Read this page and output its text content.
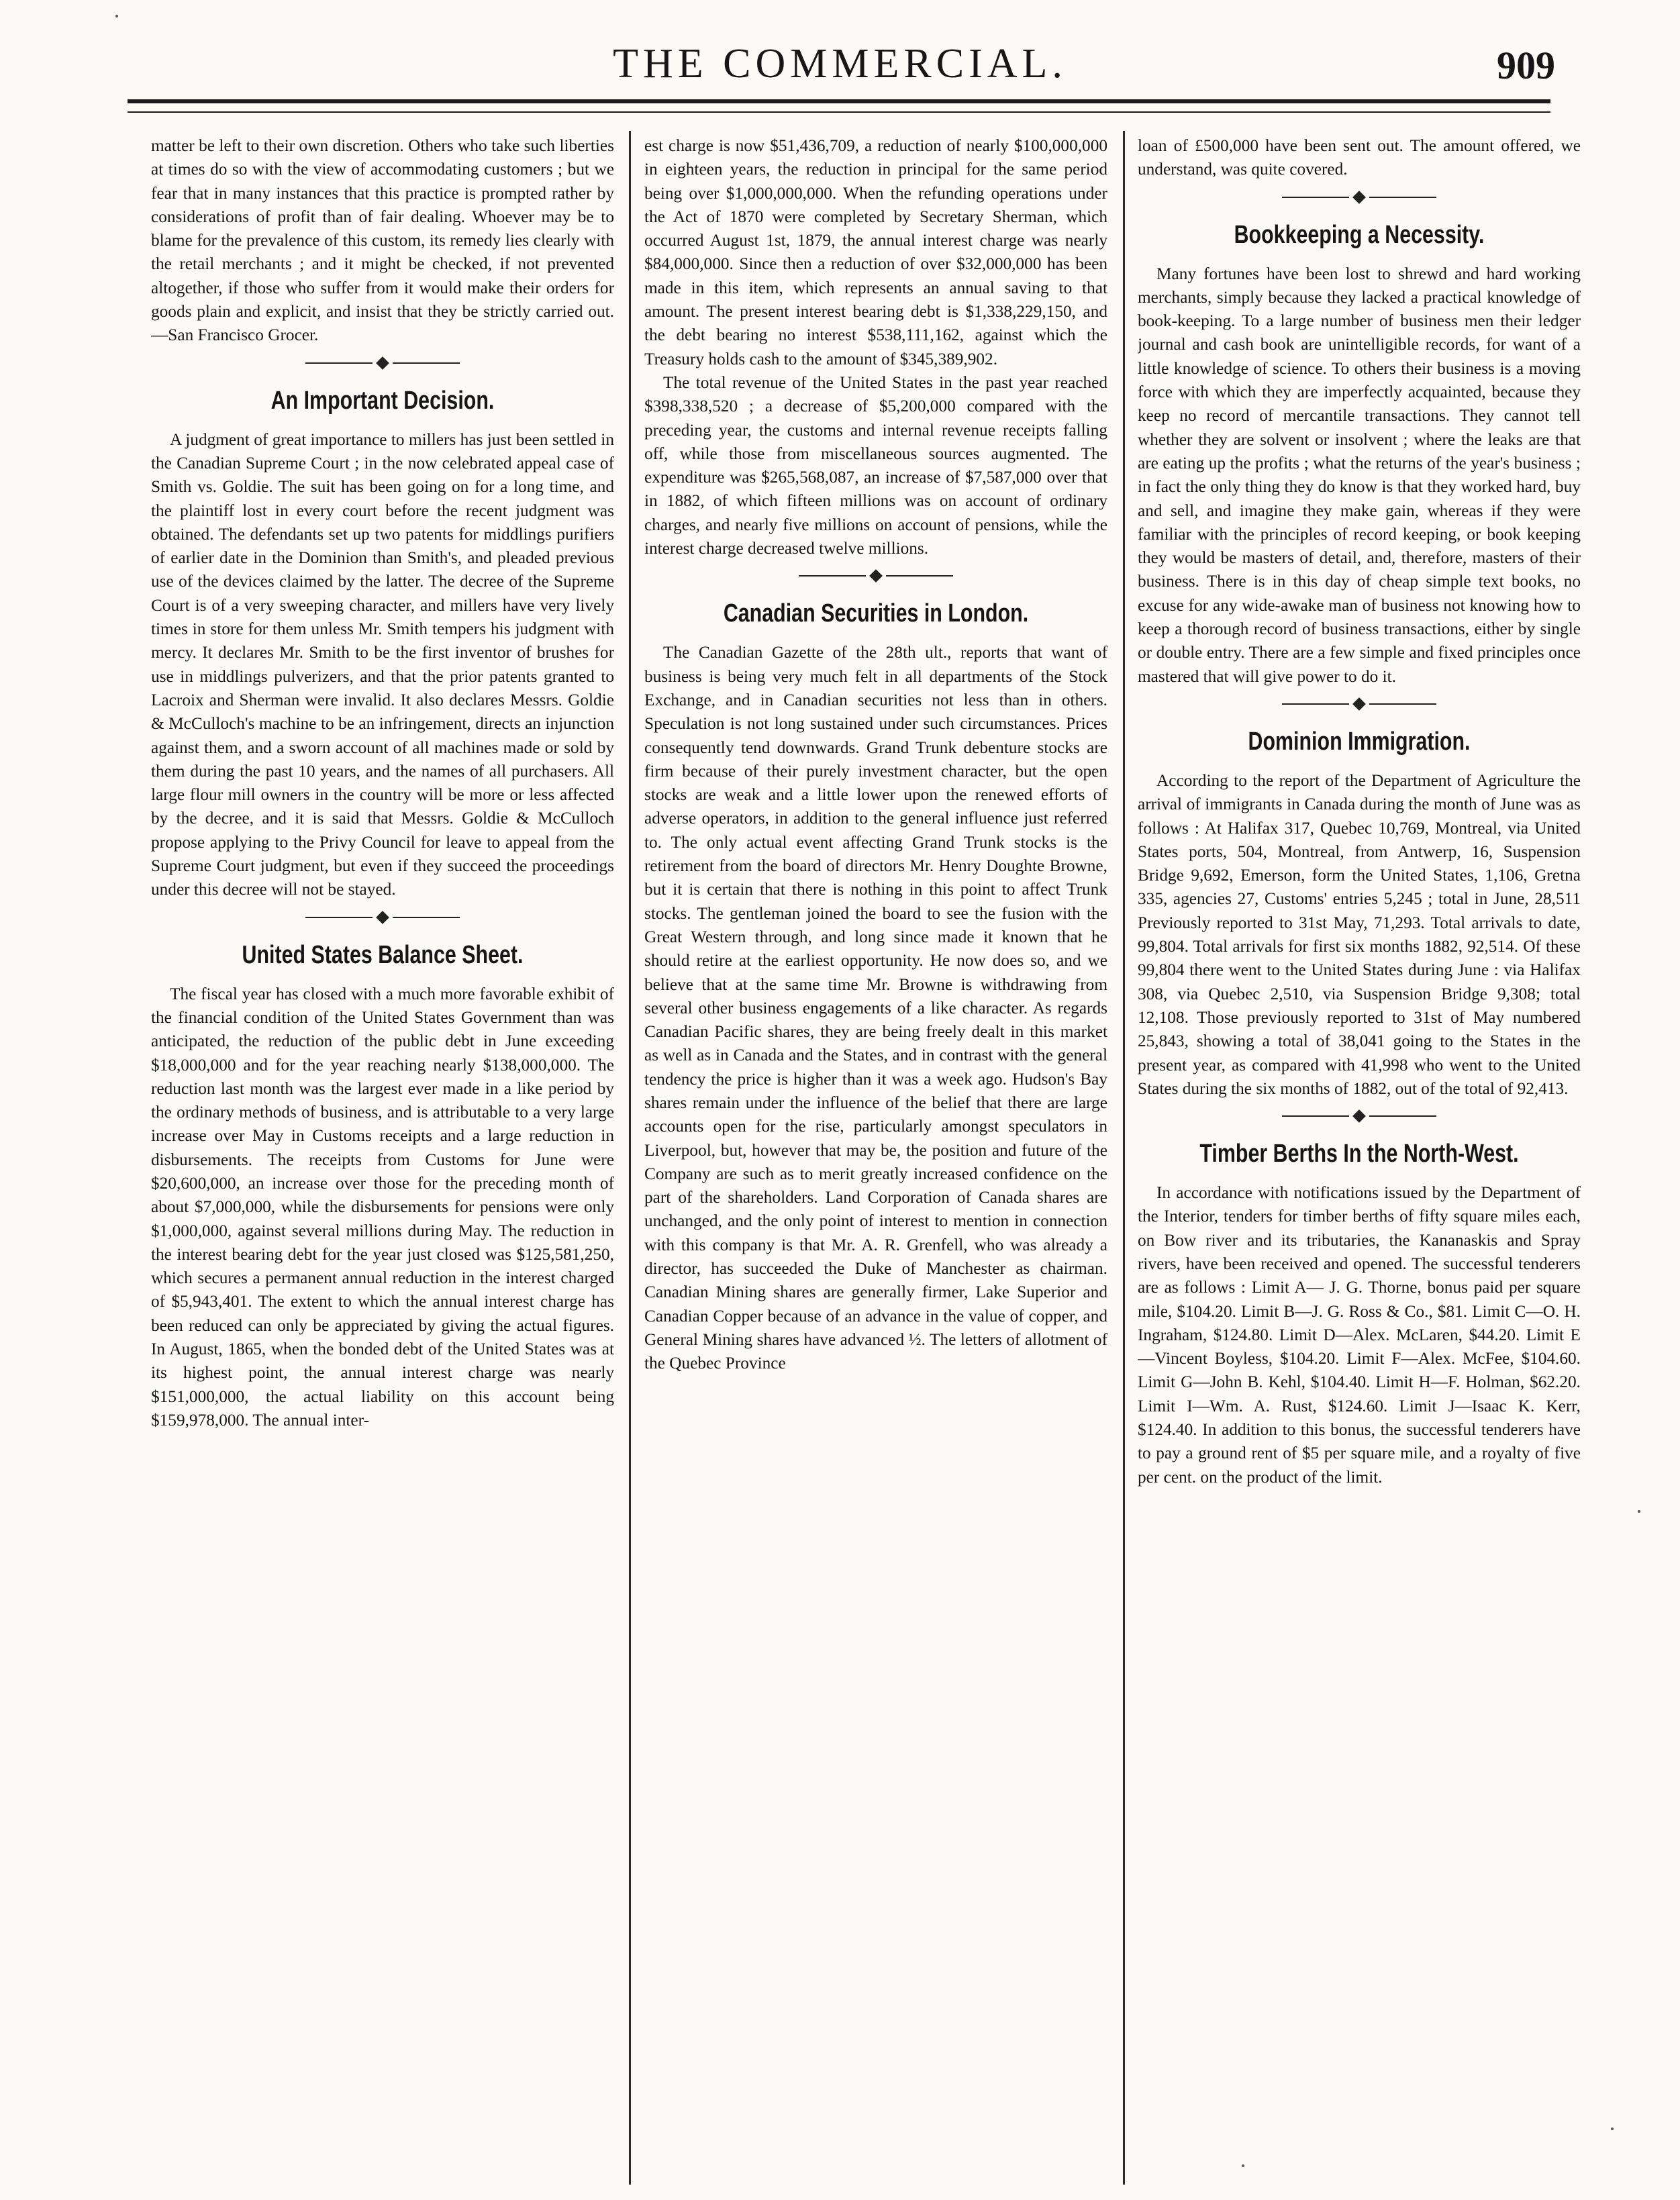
THE COMMERCIAL.	909

matter be left to their own discretion. Others who take such liberties at times do so with the view of accommodating customers ; but we fear that in many instances that this practice is prompted rather by considerations of profit than of fair dealing. Whoever may be to blame for the prevalence of this custom, its remedy lies clearly with the retail merchants ; and it might be checked, if not prevented altogether, if those who suffer from it would make their orders for goods plain and explicit, and insist that they be strictly carried out.—San Francisco Grocer.

An Important Decision.

A judgment of great importance to millers has just been settled in the Canadian Supreme Court ; in the now celebrated appeal case of Smith vs. Goldie. The suit has been going on for a long time, and the plaintiff lost in every court before the recent judgment was obtained. The defendants set up two patents for middlings purifiers of earlier date in the Dominion than Smith's, and pleaded previous use of the devices claimed by the latter. The decree of the Supreme Court is of a very sweeping character, and millers have very lively times in store for them unless Mr. Smith tempers his judgment with mercy. It declares Mr. Smith to be the first inventor of brushes for use in middlings pulverizers, and that the prior patents granted to Lacroix and Sherman were invalid. It also declares Messrs. Goldie & McCulloch's machine to be an infringement, directs an injunction against them, and a sworn account of all machines made or sold by them during the past 10 years, and the names of all purchasers. All large flour mill owners in the country will be more or less affected by the decree, and it is said that Messrs. Goldie & McCulloch propose applying to the Privy Council for leave to appeal from the Supreme Court judgment, but even if they succeed the proceedings under this decree will not be stayed.

United States Balance Sheet.

The fiscal year has closed with a much more favorable exhibit of the financial condition of the United States Government than was anticipated, the reduction of the public debt in June exceeding $18,000,000 and for the year reaching nearly $138,000,000. The reduction last month was the largest ever made in a like period by the ordinary methods of business, and is attributable to a very large increase over May in Customs receipts and a large reduction in disbursements. The receipts from Customs for June were $20,600,000, an increase over those for the preceding month of about $7,000,000, while the disbursements for pensions were only $1,000,000, against several millions during May. The reduction in the interest bearing debt for the year just closed was $125,581,250, which secures a permanent annual reduction in the interest charged of $5,943,401. The extent to which the annual interest charge has been reduced can only be appreciated by giving the actual figures. In August, 1865, when the bonded debt of the United States was at its highest point, the annual interest charge was nearly $151,000,000, the actual liability on this account being $159,978,000. The annual inter-

est charge is now $51,436,709, a reduction of nearly $100,000,000 in eighteen years, the reduction in principal for the same period being over $1,000,000,000. When the refunding operations under the Act of 1870 were completed by Secretary Sherman, which occurred August 1st, 1879, the annual interest charge was nearly $84,000,000. Since then a reduction of over $32,000,000 has been made in this item, which represents an annual saving to that amount. The present interest bearing debt is $1,338,229,150, and the debt bearing no interest $538,111,162, against which the Treasury holds cash to the amount of $345,389,902.

The total revenue of the United States in the past year reached $398,338,520 ; a decrease of $5,200,000 compared with the preceding year, the customs and internal revenue receipts falling off, while those from miscellaneous sources augmented. The expenditure was $265,568,087, an increase of $7,587,000 over that in 1882, of which fifteen millions was on account of ordinary charges, and nearly five millions on account of pensions, while the interest charge decreased twelve millions.

Canadian Securities in London.

The Canadian Gazette of the 28th ult., reports that want of business is being very much felt in all departments of the Stock Exchange, and in Canadian securities not less than in others. Speculation is not long sustained under such circumstances. Prices consequently tend downwards. Grand Trunk debenture stocks are firm because of their purely investment character, but the open stocks are weak and a little lower upon the renewed efforts of adverse operators, in addition to the general influence just referred to. The only actual event affecting Grand Trunk stocks is the retirement from the board of directors Mr. Henry Doughte Browne, but it is certain that there is nothing in this point to affect Trunk stocks. The gentleman joined the board to see the fusion with the Great Western through, and long since made it known that he should retire at the earliest opportunity. He now does so, and we believe that at the same time Mr. Browne is withdrawing from several other business engagements of a like character. As regards Canadian Pacific shares, they are being freely dealt in this market as well as in Canada and the States, and in contrast with the general tendency the price is higher than it was a week ago. Hudson's Bay shares remain under the influence of the belief that there are large accounts open for the rise, particularly amongst speculators in Liverpool, but, however that may be, the position and future of the Company are such as to merit greatly increased confidence on the part of the shareholders. Land Corporation of Canada shares are unchanged, and the only point of interest to mention in connection with this company is that Mr. A. R. Grenfell, who was already a director, has succeeded the Duke of Manchester as chairman. Canadian Mining shares are generally firmer, Lake Superior and Canadian Copper because of an advance in the value of copper, and General Mining shares have advanced ½. The letters of allotment of the Quebec Province

loan of £500,000 have been sent out. The amount offered, we understand, was quite covered.

Bookkeeping a Necessity.

Many fortunes have been lost to shrewd and hard working merchants, simply because they lacked a practical knowledge of book-keeping. To a large number of business men their ledger journal and cash book are unintelligible records, for want of a little knowledge of science. To others their business is a moving force with which they are imperfectly acquainted, because they keep no record of mercantile transactions. They cannot tell whether they are solvent or insolvent ; where the leaks are that are eating up the profits ; what the returns of the year's business ; in fact the only thing they do know is that they worked hard, buy and sell, and imagine they make gain, whereas if they were familiar with the principles of record keeping, or book keeping they would be masters of detail, and, therefore, masters of their business. There is in this day of cheap simple text books, no excuse for any wide-awake man of business not knowing how to keep a thorough record of business transactions, either by single or double entry. There are a few simple and fixed principles once mastered that will give power to do it.

Dominion Immigration.

According to the report of the Department of Agriculture the arrival of immigrants in Canada during the month of June was as follows : At Halifax 317, Quebec 10,769, Montreal, via United States ports, 504, Montreal, from Antwerp, 16, Suspension Bridge 9,692, Emerson, form the United States, 1,106, Gretna 335, agencies 27, Customs' entries 5,245 ; total in June, 28,511 Previously reported to 31st May, 71,293. Total arrivals to date, 99,804. Total arrivals for first six months 1882, 92,514. Of these 99,804 there went to the United States during June : via Halifax 308, via Quebec 2,510, via Suspension Bridge 9,308; total 12,108. Those previously reported to 31st of May numbered 25,843, showing a total of 38,041 going to the States in the present year, as compared with 41,998 who went to the United States during the six months of 1882, out of the total of 92,413.

Timber Berths In the North-West.

In accordance with notifications issued by the Department of the Interior, tenders for timber berths of fifty square miles each, on Bow river and its tributaries, the Kananaskis and Spray rivers, have been received and opened. The successful tenderers are as follows : Limit A— J. G. Thorne, bonus paid per square mile, $104.20. Limit B—J. G. Ross & Co., $81. Limit C—O. H. Ingraham, $124.80. Limit D—Alex. McLaren, $44.20. Limit E—Vincent Boyless, $104.20. Limit F—Alex. McFee, $104.60. Limit G—John B. Kehl, $104.40. Limit H—F. Holman, $62.20. Limit I—Wm. A. Rust, $124.60. Limit J—Isaac K. Kerr, $124.40. In addition to this bonus, the successful tenderers have to pay a ground rent of $5 per square mile, and a royalty of five per cent. on the product of the limit.
